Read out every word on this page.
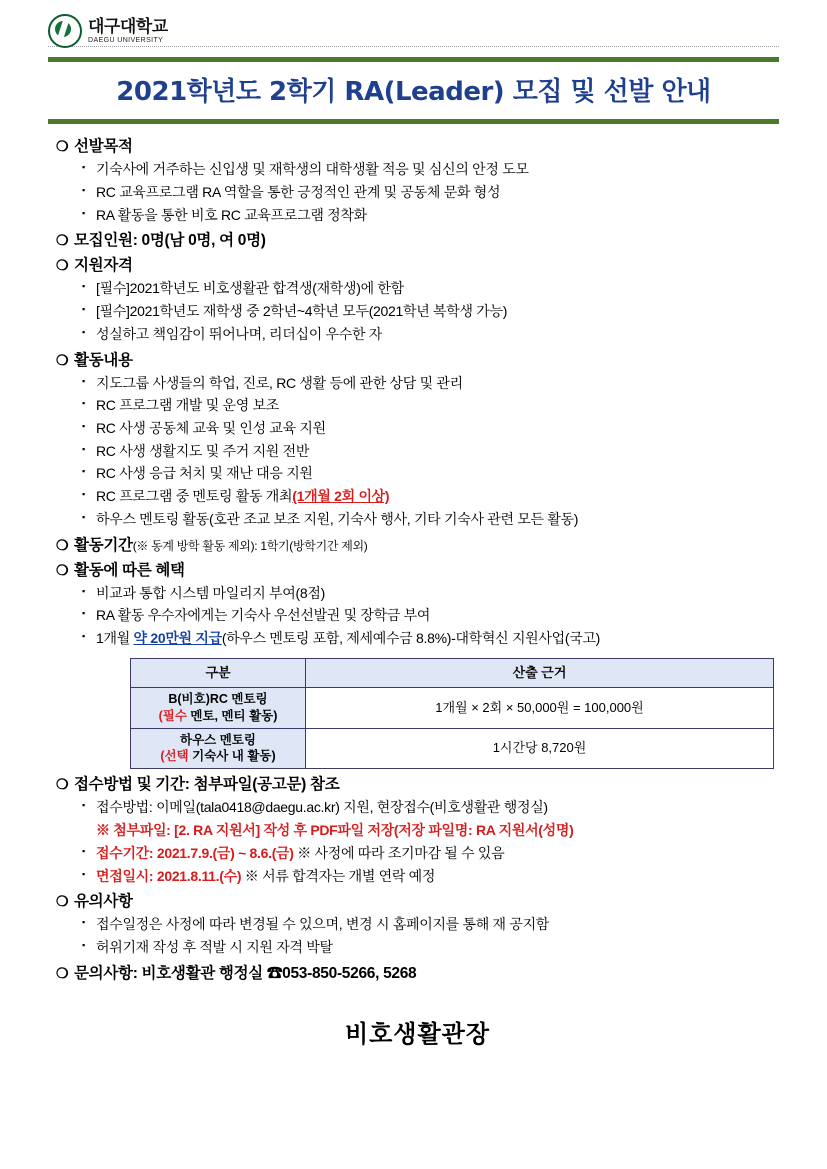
대구대학교
DAEGU UNIVERSITY
2021학년도 2학기 RA(Leader) 모집 및 선발 안내
❍ 선발목적
▪ 기숙사에 거주하는 신입생 및 재학생의 대학생활 적응 및 심신의 안정 도모
▪ RC 교육프로그램 RA 역할을 통한 긍정적인 관계 및 공동체 문화 형성
▪ RA 활동을 통한 비호 RC 교육프로그램 정착화
❍ 모집인원: 0명(남 0명, 여 0명)
❍ 지원자격
▪ [필수]2021학년도 비호생활관 합격생(재학생)에 한함
▪ [필수]2021학년도 재학생 중 2학년~4학년 모두(2021학년 복학생 가능)
▪ 성실하고 책임감이 뛰어나며, 리더십이 우수한 자
❍ 활동내용
▪ 지도그룹 사생들의 학업, 진로, RC 생활 등에 관한 상담 및 관리
▪ RC 프로그램 개발 및 운영 보조
▪ RC 사생 공동체 교육 및 인성 교육 지원
▪ RC 사생 생활지도 및 주거 지원 전반
▪ RC 사생 응급 처치 및 재난 대응 지원
▪ RC 프로그램 중 멘토링 활동 개최(1개월 2회 이상)
▪ 하우스 멘토링 활동(호관 조교 보조 지원, 기숙사 행사, 기타 기숙사 관련 모든 활동)
❍ 활동기간(※ 동계 방학 활동 제외): 1학기(방학기간 제외)
❍ 활동에 따른 혜택
▪ 비교과 통합 시스템 마일리지 부여(8점)
▪ RA 활동 우수자에게는 기숙사 우선선발권 및 장학금 부여
▪ 1개월 약 20만원 지급(하우스 멘토링 포함, 제세예수금 8.8%)-대학혁신 지원사업(국고)
구분	산출 근거

B(비호)RC 멘토링
(필수 멘토, 멘티 활동)	1개월 × 2회 × 50,000원 = 100,000원

하우스 멘토링
(선택 기숙사 내 활동)	1시간당 8,720원
❍ 접수방법 및 기간: 첨부파일(공고문) 참조
▪ 접수방법: 이메일(tala0418@daegu.ac.kr) 지원, 현장접수(비호생활관 행정실)
※ 첨부파일: [2. RA 지원서] 작성 후 PDF파일 저장(저장 파일명: RA 지원서(성명)
▪ 접수기간: 2021.7.9.(금) ~ 8.6.(금) ※ 사정에 따라 조기마감 될 수 있음
▪ 면접일시: 2021.8.11.(수) ※ 서류 합격자는 개별 연락 예정
❍ 유의사항
▪ 접수일정은 사정에 따라 변경될 수 있으며, 변경 시 홈페이지를 통해 재 공지함
▪ 허위기재 작성 후 적발 시 지원 자격 박탈
❍ 문의사항: 비호생활관 행정실 ☎053-850-5266, 5268
비호생활관장
